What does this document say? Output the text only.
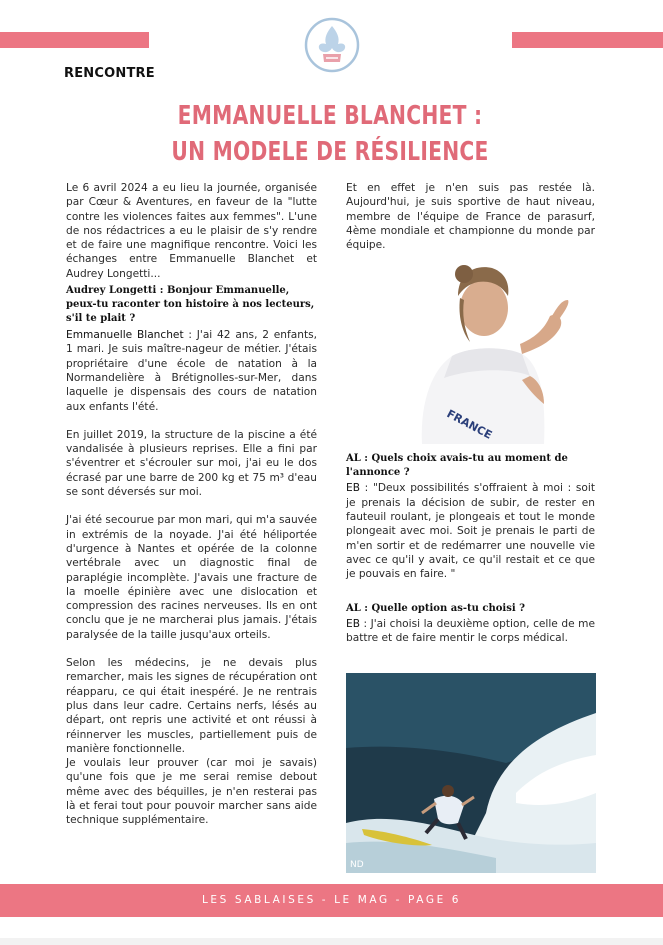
RENCONTRE
EMMANUELLE BLANCHET :
UN MODELE DE RÉSILIENCE

Le 6 avril 2024 a eu lieu la journée, organisée par Cœur & Aventures, en faveur de la "lutte contre les violences faites aux femmes". L'une de nos rédactrices a eu le plaisir de s'y rendre et de faire une magnifique rencontre. Voici les échanges entre Emmanuelle Blanchet et Audrey Longetti...

Audrey Longetti : Bonjour Emmanuelle, peux-tu raconter ton histoire à nos lecteurs, s'il te plait ?

Emmanuelle Blanchet : J'ai 42 ans, 2 enfants, 1 mari. Je suis maître-nageur de métier. J'étais propriétaire d'une école de natation à la Normandelière à Brétignolles-sur-Mer, dans laquelle je dispensais des cours de natation aux enfants l'été.

En juillet 2019, la structure de la piscine a été vandalisée à plusieurs reprises. Elle a fini par s'éventrer et s'écrouler sur moi, j'ai eu le dos écrasé par une barre de 200 kg et 75 m³ d'eau se sont déversés sur moi.

J'ai été secourue par mon mari, qui m'a sauvée in extrémis de la noyade. J'ai été héliportée d'urgence à Nantes et opérée de la colonne vertébrale avec un diagnostic final de paraplégie incomplète. J'avais une fracture de la moelle épinière avec une dislocation et compression des racines nerveuses. Ils en ont conclu que je ne marcherai plus jamais. J'étais paralysée de la taille jusqu'aux orteils.

Selon les médecins, je ne devais plus remarcher, mais les signes de récupération ont réapparu, ce qui était inespéré. Je ne rentrais plus dans leur cadre. Certains nerfs, lésés au départ, ont repris une activité et ont réussi à réinnerver les muscles, partiellement puis de manière fonctionnelle.

Je voulais leur prouver (car moi je savais) qu'une fois que je me serai remise debout même avec des béquilles, je n'en resterai pas là et ferai tout pour pouvoir marcher sans aide technique supplémentaire.

Et en effet je n'en suis pas restée là. Aujourd'hui, je suis sportive de haut niveau, membre de l'équipe de France de parasurf, 4ème mondiale et championne du monde par équipe.

AL : Quels choix avais-tu au moment de l'annonce ?

EB : "Deux possibilités s'offraient à moi : soit je prenais la décision de subir, de rester en fauteuil roulant, je plongeais et tout le monde plongeait avec moi. Soit je prenais le parti de m'en sortir et de redémarrer une nouvelle vie avec ce qu'il y avait, ce qu'il restait et ce que je pouvais en faire. "

AL : Quelle option as-tu choisi ?

EB : J'ai choisi la deuxième option, celle de me battre et de faire mentir le corps médical.

FRANCE
ND
LES SABLAISES - LE MAG - PAGE 6
